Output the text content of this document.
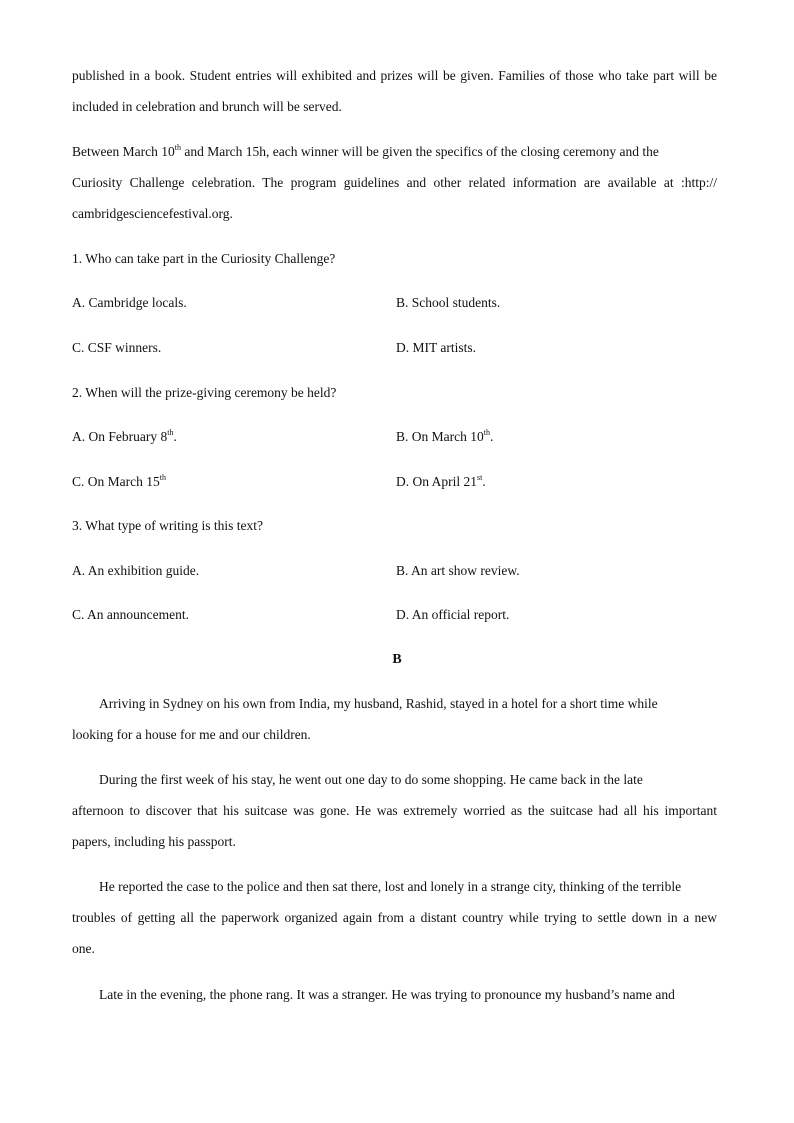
published in a book. Student entries will exhibited and prizes will be given. Families of those who take part will be
included in celebration and brunch will be served.
Between March 10th and March 15h, each winner will be given the specifics of the closing ceremony and the
Curiosity Challenge celebration. The program guidelines and other related information are available at :http://
cambridgesciencefestival.org.
1. Who can take part in the Curiosity Challenge?
A. Cambridge locals.	B. School students.
C. CSF winners.	D. MIT artists.
2. When will the prize-giving ceremony be held?
A. On February 8th.	B. On March 10th.
C. On March 15th	D. On April 21st.
3. What type of writing is this text?
A. An exhibition guide.	B. An art show review.
C. An announcement.	D. An official report.
B
Arriving in Sydney on his own from India, my husband, Rashid, stayed in a hotel for a short time while
looking for a house for me and our children.
During the first week of his stay, he went out one day to do some shopping. He came back in the late
afternoon to discover that his suitcase was gone. He was extremely worried as the suitcase had all his important
papers, including his passport.
He reported the case to the police and then sat there, lost and lonely in a strange city, thinking of the terrible
troubles of getting all the paperwork organized again from a distant country while trying to settle down in a new
one.
Late in the evening, the phone rang. It was a stranger. He was trying to pronounce my husband’s name and
